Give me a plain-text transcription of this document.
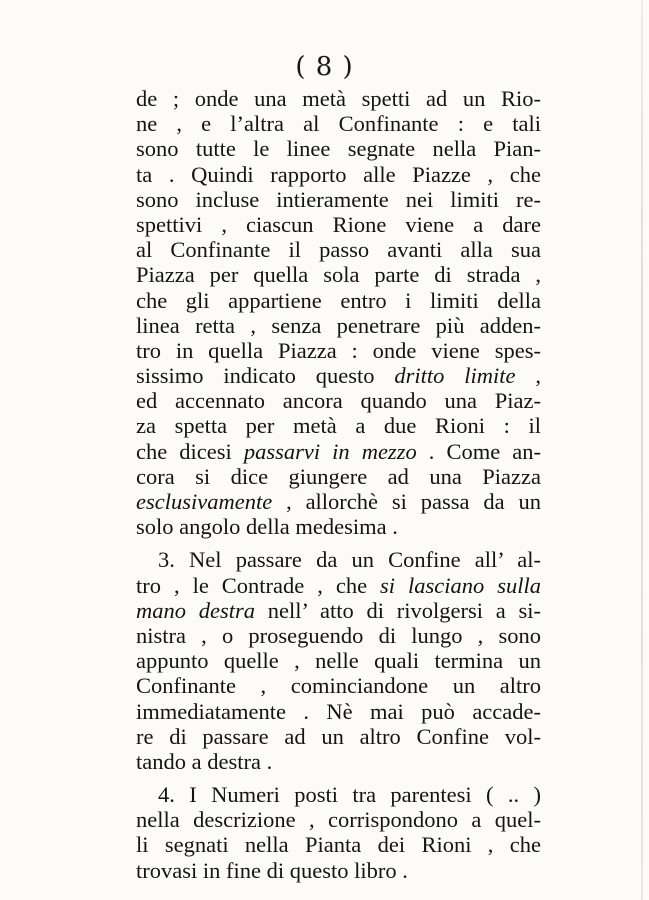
( 8 )
de ; onde una metà spetti ad un Rio-
ne , e l’altra al Confinante : e tali
sono tutte le linee segnate nella Pian-
ta . Quindi rapporto alle Piazze , che
sono incluse intieramente nei limiti re-
spettivi , ciascun Rione viene a dare
al Confinante il passo avanti alla sua
Piazza per quella sola parte di strada ,
che gli appartiene entro i limiti della
linea retta , senza penetrare più adden-
tro in quella Piazza : onde viene spes-
sissimo indicato questo dritto limite ,
ed accennato ancora quando una Piaz-
za spetta per metà a due Rioni : il
che dicesi passarvi in mezzo . Come an-
cora si dice giungere ad una Piazza
esclusivamente , allorchè si passa da un
solo angolo della medesima .
3. Nel passare da un Confine all’ al-
tro , le Contrade , che si lasciano sulla
mano destra nell’ atto di rivolgersi a si-
nistra , o proseguendo di lungo , sono
appunto quelle , nelle quali termina un
Confinante , cominciandone un altro
immediatamente . Nè mai può accade-
re di passare ad un altro Confine vol-
tando a destra .
4. I Numeri posti tra parentesi ( .. )
nella descrizione , corrispondono a quel-
li segnati nella Pianta dei Rioni , che
trovasi in fine di questo libro .
